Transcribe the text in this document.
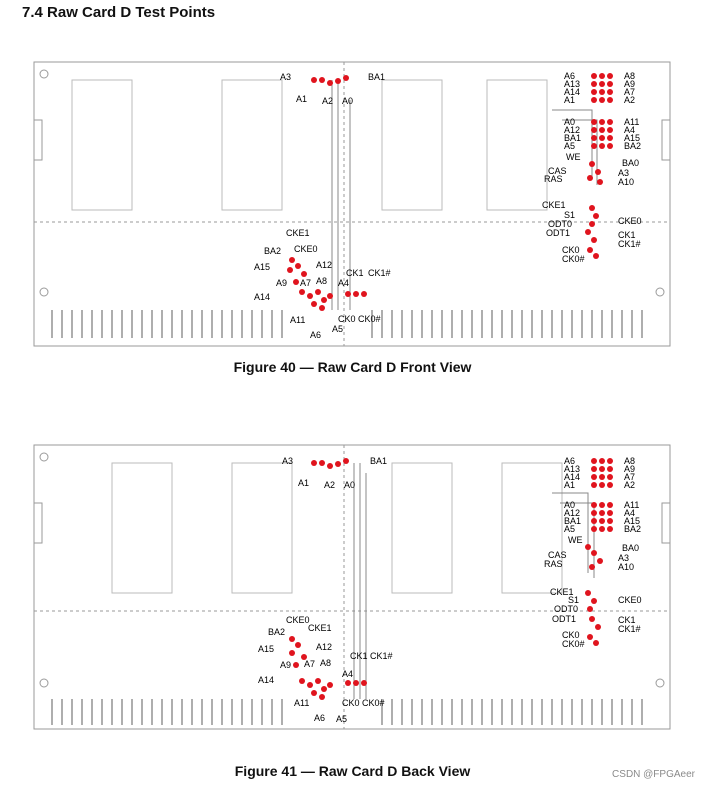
7.4 Raw Card D Test Points
A3	BA1
A1 A2 A0
A6
A13
A14
A1
A8
A9
A7
A2
A0
A12
BA1
A5
A11
A4
A15
BA2
WE
CAS
RAS
BA0
A3
A10
CKE1
S1
ODT0
ODT1
CKE0
CK1
CK1#
CK0
CK0#
CKE1
BA2 CKE0
A15	A12
A9 A7 A8
A14
A11
A5
A6
CK1 CK1#
A4
CK0 CK0#
Figure 40 — Raw Card D Front View
A3	BA1
A1 A2 A0
A6
A13
A14
A1
A8
A9
A7
A2
A0
A12
BA1
A5
A11
A4
A15
BA2
WE
CAS
RAS
BA0
A3
A10
CKE1
S1
ODT0
ODT1
CKE0
CK1
CK1#
CK0
CK0#
CKE0
BA2	CKE1
A15	A12
A9 A7 A8
A14
A11
A5
A6
CK1 CK1#
A4
CK0 CK0#
Figure 41 — Raw Card D Back View	CSDN @FPGAeer
